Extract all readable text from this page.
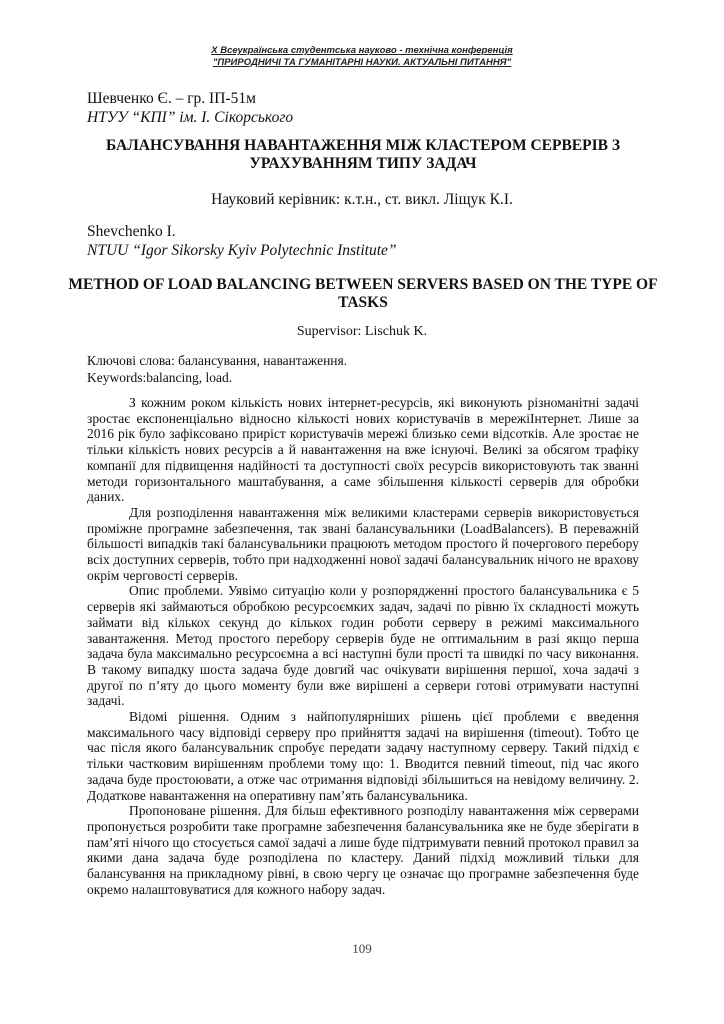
X Всеукраїнська студентська науково - технічна конференція
"ПРИРОДНИЧІ ТА ГУМАНІТАРНІ НАУКИ. АКТУАЛЬНІ ПИТАННЯ"
Шевченко Є. – гр. ІП-51м
НТУУ “КПІ” ім. І. Сікорського
БАЛАНСУВАННЯ НАВАНТАЖЕННЯ МІЖ КЛАСТЕРОМ СЕРВЕРІВ З УРАХУВАННЯМ ТИПУ ЗАДАЧ
Науковий керівник: к.т.н., ст. викл. Ліщук К.І.
Shevchenko I.
NTUU “Igor Sikorsky Kyiv Polytechnic Institute”
METHOD OF LOAD BALANCING BETWEEN SERVERS BASED ON THE TYPE OF TASKS
Supervisor: Lischuk K.
Ключові слова: балансування, навантаження.
Keywords:balancing, load.

З кожним роком кількість нових інтернет-ресурсів, які виконують різноманітні задачі зростає експоненціально відносно кількості нових користувачів в мережіІнтернет. Лише за 2016 рік було зафіксовано приріст користувачів мережі близько семи відсотків. Але зростає не тільки кількість нових ресурсів а й навантаження на вже існуючі. Великі за обсягом трафіку компанії для підвищення надійності та доступності своїх ресурсів використовують так званні методи горизонтального маштабування, а саме збільшення кількості серверів для обробки даних.

Для розподілення навантаження між великими кластерами серверів використовується проміжне програмне забезпечення, так звані балансувальники (LoadBalancers). В переважній більшості випадків такі балансувальники працюють методом простого й почергового перебору всіх доступних серверів, тобто при надходженні нової задачі балансувальник нічого не врахову окрім черговості серверів.

Опис проблеми. Уявімо ситуацію коли у розпорядженні простого балансувальника є 5 серверів які займаються обробкою ресурсоємких задач, задачі по рівню їх складності можуть займати від кількох секунд до кількох годин роботи серверу в режимі максимального завантаження. Метод простого перебору серверів буде не оптимальним в разі якщо перша задача була максимально ресурсоємна а всі наступні були прості та швидкі по часу виконання. В такому випадку шоста задача буде довгий час очікувати вирішення першої, хоча задачі з другої по п’яту до цього моменту були вже вирішені а сервери готові отримувати наступні задачі.

Відомі рішення. Одним з найпопулярніших рішень цієї проблеми є введення максимального часу відповіді серверу про прийняття задачі на вирішення (timeout). Тобто це час після якого балансувальник спробує передати задачу наступному серверу. Такий підхід є тільки частковим вирішенням проблеми тому що: 1. Вводится певний timeout, під час якого задача буде простоювати, а отже час отримання відповіді збільшиться на невідому величину. 2. Додаткове навантаження на оперативну пам’ять балансувальника.

Пропоноване рішення. Для більш ефективного розподілу навантаження між серверами пропонується розробити таке програмне забезпечення балансувальника яке не буде зберігати в пам’яті нічого що стосується самої задачі а лише буде підтримувати певний протокол правил за якими дана задача буде розподілена по кластеру. Даний підхід можливий тільки для балансування на прикладному рівні, в свою чергу це означає що програмне забезпечення буде окремо налаштовуватися для кожного набору задач.

109
